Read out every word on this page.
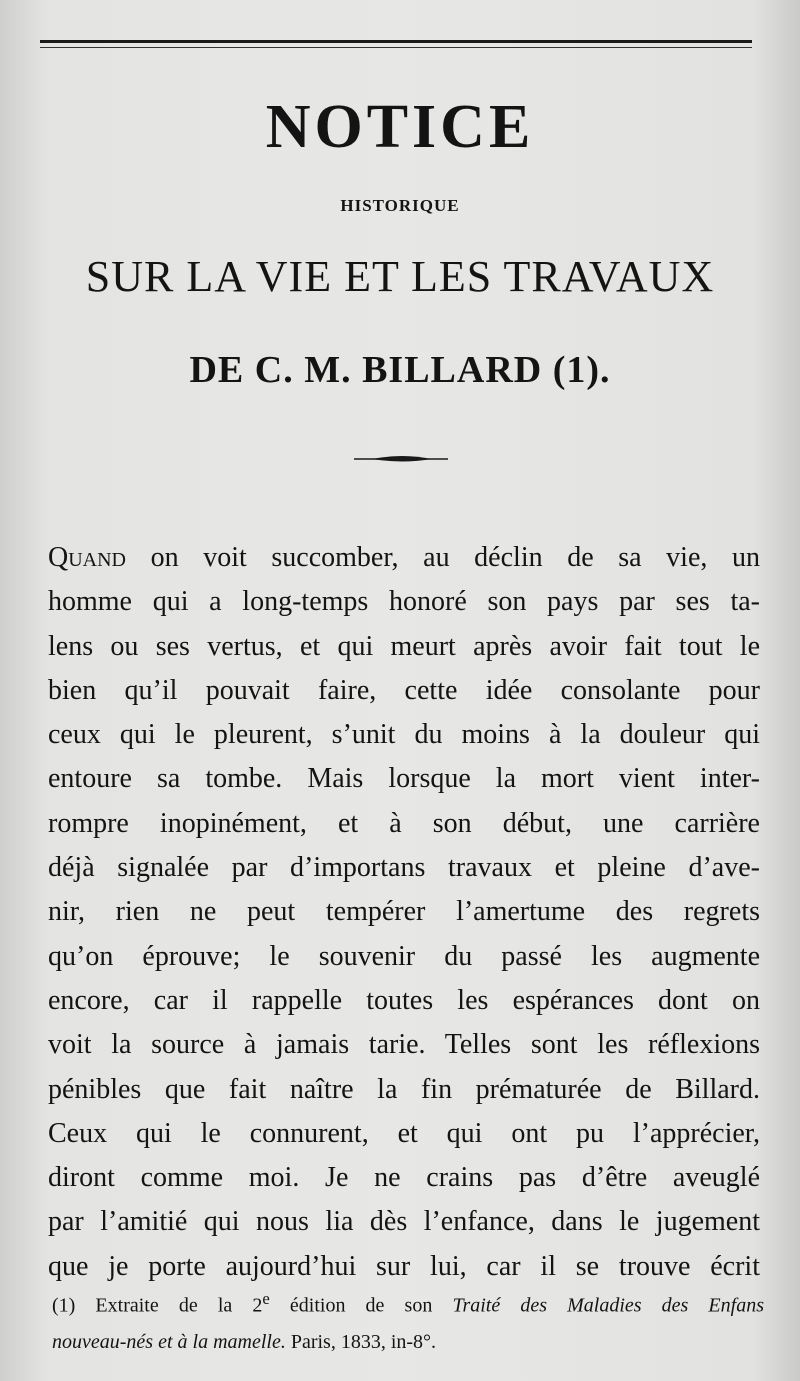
NOTICE
HISTORIQUE
SUR LA VIE ET LES TRAVAUX
DE C. M. BILLARD (1).
Quand on voit succomber, au déclin de sa vie, un
homme qui a long-temps honoré son pays par ses ta-
lens ou ses vertus, et qui meurt après avoir fait tout le
bien qu’il pouvait faire, cette idée consolante pour
ceux qui le pleurent, s’unit du moins à la douleur qui
entoure sa tombe. Mais lorsque la mort vient inter-
rompre inopinément, et à son début, une carrière
déjà signalée par d’importans travaux et pleine d’ave-
nir, rien ne peut tempérer l’amertume des regrets
qu’on éprouve; le souvenir du passé les augmente
encore, car il rappelle toutes les espérances dont on
voit la source à jamais tarie. Telles sont les réflexions
pénibles que fait naître la fin prématurée de Billard.
Ceux qui le connurent, et qui ont pu l’apprécier,
diront comme moi. Je ne crains pas d’être aveuglé
par l’amitié qui nous lia dès l’enfance, dans le jugement
que je porte aujourd’hui sur lui, car il se trouve écrit
(1) Extraite de la 2e édition de son Traité des Maladies des Enfans
nouveau-nés et à la mamelle. Paris, 1833, in-8°.
